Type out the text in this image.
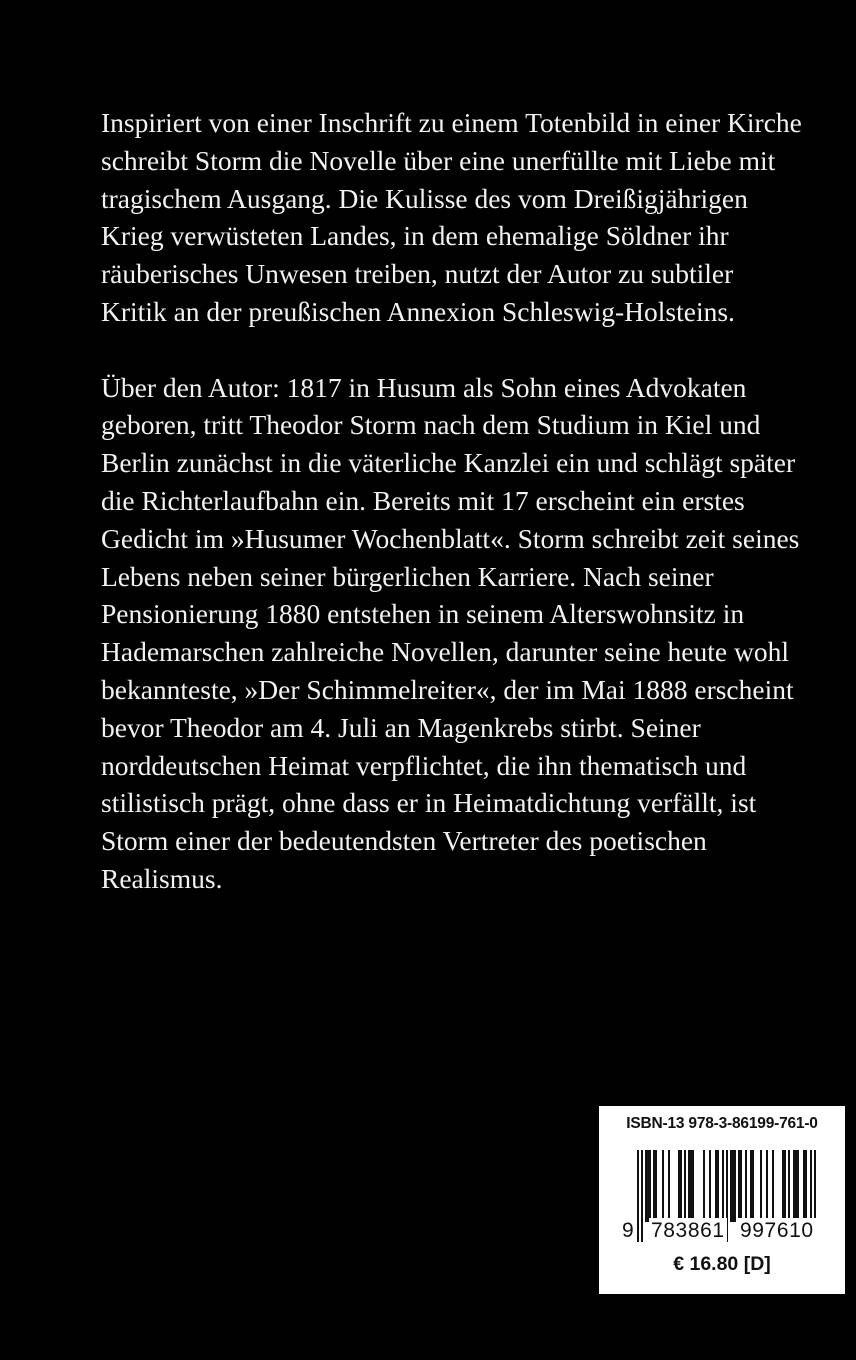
Inspiriert von einer Inschrift zu einem Totenbild in einer Kirche
schreibt Storm die Novelle über eine unerfüllte mit Liebe mit
tragischem Ausgang. Die Kulisse des vom Dreißigjährigen
Krieg verwüsteten Landes, in dem ehemalige Söldner ihr
räuberisches Unwesen treiben, nutzt der Autor zu subtiler
Kritik an der preußischen Annexion Schleswig-Holsteins.

Über den Autor: 1817 in Husum als Sohn eines Advokaten
geboren, tritt Theodor Storm nach dem Studium in Kiel und
Berlin zunächst in die väterliche Kanzlei ein und schlägt später
die Richterlaufbahn ein. Bereits mit 17 erscheint ein erstes
Gedicht im »Husumer Wochenblatt«. Storm schreibt zeit seines
Lebens neben seiner bürgerlichen Karriere. Nach seiner
Pensionierung 1880 entstehen in seinem Alterswohnsitz in
Hademarschen zahlreiche Novellen, darunter seine heute wohl
bekannteste, »Der Schimmelreiter«, der im Mai 1888 erscheint
bevor Theodor am 4. Juli an Magenkrebs stirbt. Seiner
norddeutschen Heimat verpflichtet, die ihn thematisch und
stilistisch prägt, ohne dass er in Heimatdichtung verfällt, ist
Storm einer der bedeutendsten Vertreter des poetischen
Realismus.

ISBN-13 978-3-86199-761-0
9 783861 997610
€ 16.80 [D]
